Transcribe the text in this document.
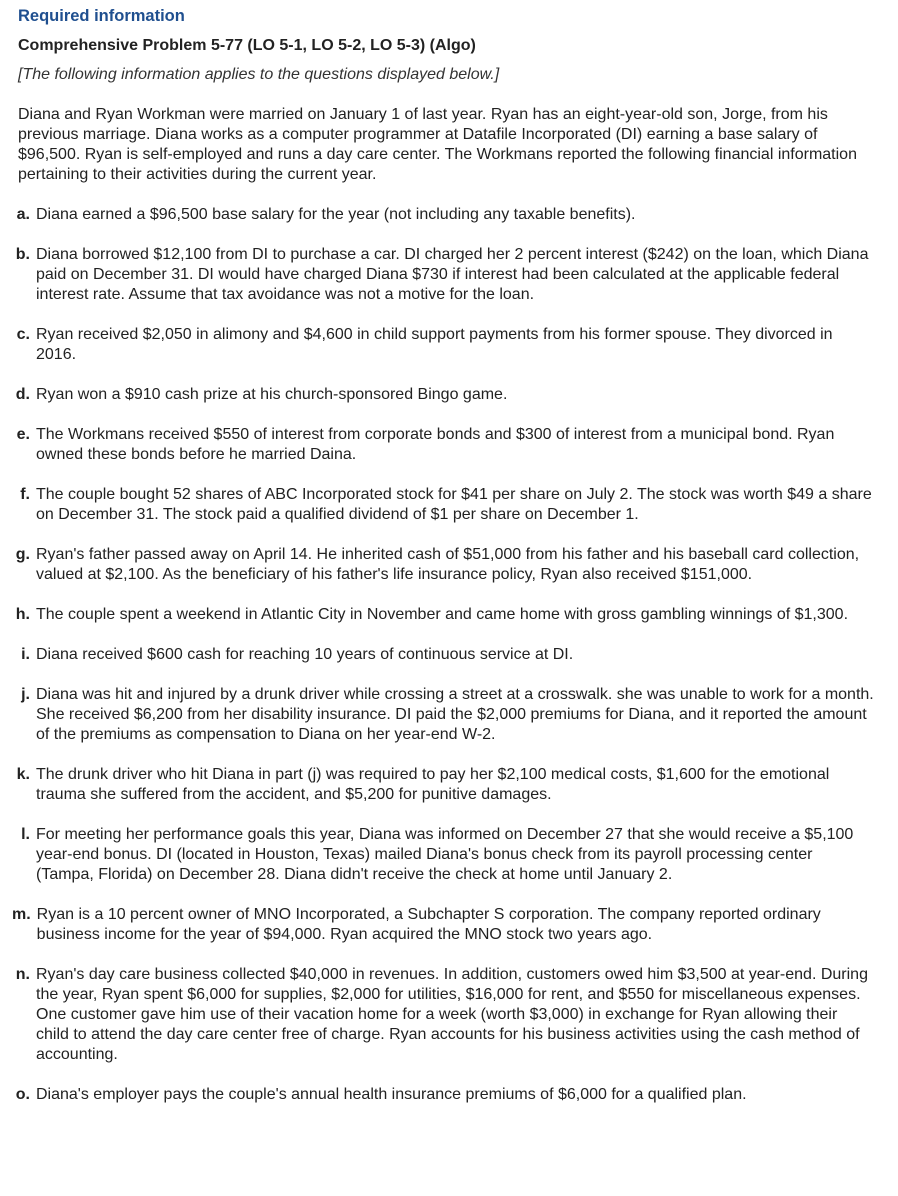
Required information
Comprehensive Problem 5-77 (LO 5-1, LO 5-2, LO 5-3) (Algo)
[The following information applies to the questions displayed below.]
Diana and Ryan Workman were married on January 1 of last year. Ryan has an eight-year-old son, Jorge, from his previous marriage. Diana works as a computer programmer at Datafile Incorporated (DI) earning a base salary of $96,500. Ryan is self-employed and runs a day care center. The Workmans reported the following financial information pertaining to their activities during the current year.
a. Diana earned a $96,500 base salary for the year (not including any taxable benefits).
b. Diana borrowed $12,100 from DI to purchase a car. DI charged her 2 percent interest ($242) on the loan, which Diana paid on December 31. DI would have charged Diana $730 if interest had been calculated at the applicable federal interest rate. Assume that tax avoidance was not a motive for the loan.
c. Ryan received $2,050 in alimony and $4,600 in child support payments from his former spouse. They divorced in 2016.
d. Ryan won a $910 cash prize at his church-sponsored Bingo game.
e. The Workmans received $550 of interest from corporate bonds and $300 of interest from a municipal bond. Ryan owned these bonds before he married Daina.
f. The couple bought 52 shares of ABC Incorporated stock for $41 per share on July 2. The stock was worth $49 a share on December 31. The stock paid a qualified dividend of $1 per share on December 1.
g. Ryan's father passed away on April 14. He inherited cash of $51,000 from his father and his baseball card collection, valued at $2,100. As the beneficiary of his father's life insurance policy, Ryan also received $151,000.
h. The couple spent a weekend in Atlantic City in November and came home with gross gambling winnings of $1,300.
i. Diana received $600 cash for reaching 10 years of continuous service at DI.
j. Diana was hit and injured by a drunk driver while crossing a street at a crosswalk. she was unable to work for a month. She received $6,200 from her disability insurance. DI paid the $2,000 premiums for Diana, and it reported the amount of the premiums as compensation to Diana on her year-end W-2.
k. The drunk driver who hit Diana in part (j) was required to pay her $2,100 medical costs, $1,600 for the emotional trauma she suffered from the accident, and $5,200 for punitive damages.
l. For meeting her performance goals this year, Diana was informed on December 27 that she would receive a $5,100 year-end bonus. DI (located in Houston, Texas) mailed Diana's bonus check from its payroll processing center (Tampa, Florida) on December 28. Diana didn't receive the check at home until January 2.
m. Ryan is a 10 percent owner of MNO Incorporated, a Subchapter S corporation. The company reported ordinary business income for the year of $94,000. Ryan acquired the MNO stock two years ago.
n. Ryan's day care business collected $40,000 in revenues. In addition, customers owed him $3,500 at year-end. During the year, Ryan spent $6,000 for supplies, $2,000 for utilities, $16,000 for rent, and $550 for miscellaneous expenses. One customer gave him use of their vacation home for a week (worth $3,000) in exchange for Ryan allowing their child to attend the day care center free of charge. Ryan accounts for his business activities using the cash method of accounting.
o. Diana's employer pays the couple's annual health insurance premiums of $6,000 for a qualified plan.
